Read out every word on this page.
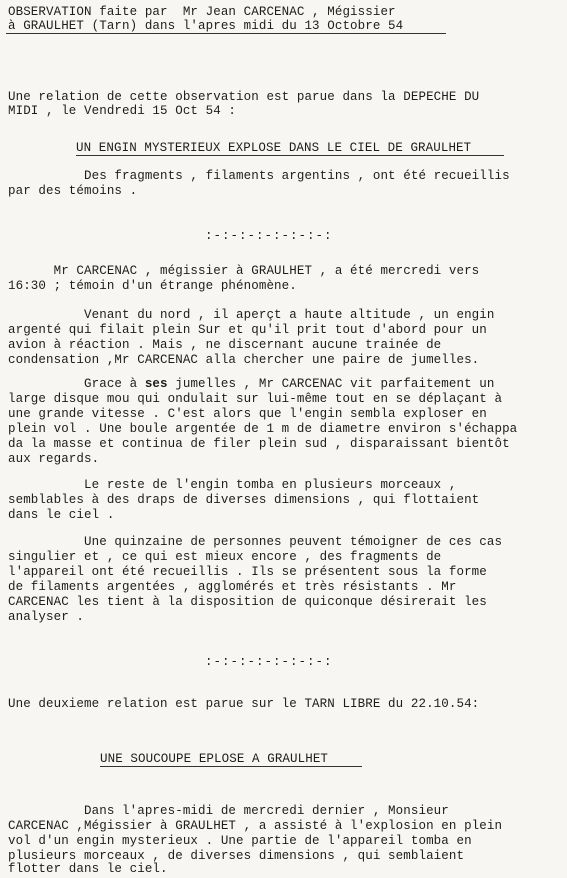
OBSERVATION faite par  Mr Jean CARCENAC , Mégissier
à GRAULHET (Tarn) dans l'apres midi du 13 Octobre 54
Une relation de cette observation est parue dans la DEPECHE DU
MIDI , le Vendredi 15 Oct 54 :
UN ENGIN MYSTERIEUX EXPLOSE DANS LE CIEL DE GRAULHET
Des fragments , filaments argentins , ont été recueillis
par des témoins .
:-:-:-:-:-:-:-:
Mr CARCENAC , mégissier à GRAULHET , a été mercredi vers
16:30 ; témoin d'un étrange phénomène.
Venant du nord , il aperçt a haute altitude , un engin
argenté qui filait plein Sur et qu'il prit tout d'abord pour un
avion à réaction . Mais , ne discernant aucune trainée de
condensation ,Mr CARCENAC alla chercher une paire de jumelles.
Grace à ses jumelles , Mr CARCENAC vit parfaitement un
large disque mou qui ondulait sur lui-même tout en se déplaçant à
une grande vitesse . C'est alors que l'engin sembla exploser en
plein vol . Une boule argentée de 1 m de diametre environ s'échappa
da la masse et continua de filer plein sud , disparaissant bientôt
aux regards.
Le reste de l'engin tomba en plusieurs morceaux ,
semblables à des draps de diverses dimensions , qui flottaient
dans le ciel .
Une quinzaine de personnes peuvent témoigner de ces cas
singulier et , ce qui est mieux encore , des fragments de
l'appareil ont été recueillis . Ils se présentent sous la forme
de filaments argentées , agglomérés et très résistants . Mr
CARCENAC les tient à la disposition de quiconque désirerait les
analyser .
:-:-:-:-:-:-:-:
Une deuxieme relation est parue sur le TARN LIBRE du 22.10.54:
UNE SOUCOUPE EPLOSE A GRAULHET
Dans l'apres-midi de mercredi dernier , Monsieur
CARCENAC ,Mégissier à GRAULHET , a assisté à l'explosion en plein
vol d'un engin mysterieux . Une partie de l'appareil tomba en
plusieurs morceaux , de diverses dimensions , qui semblaient
flotter dans le ciel.
